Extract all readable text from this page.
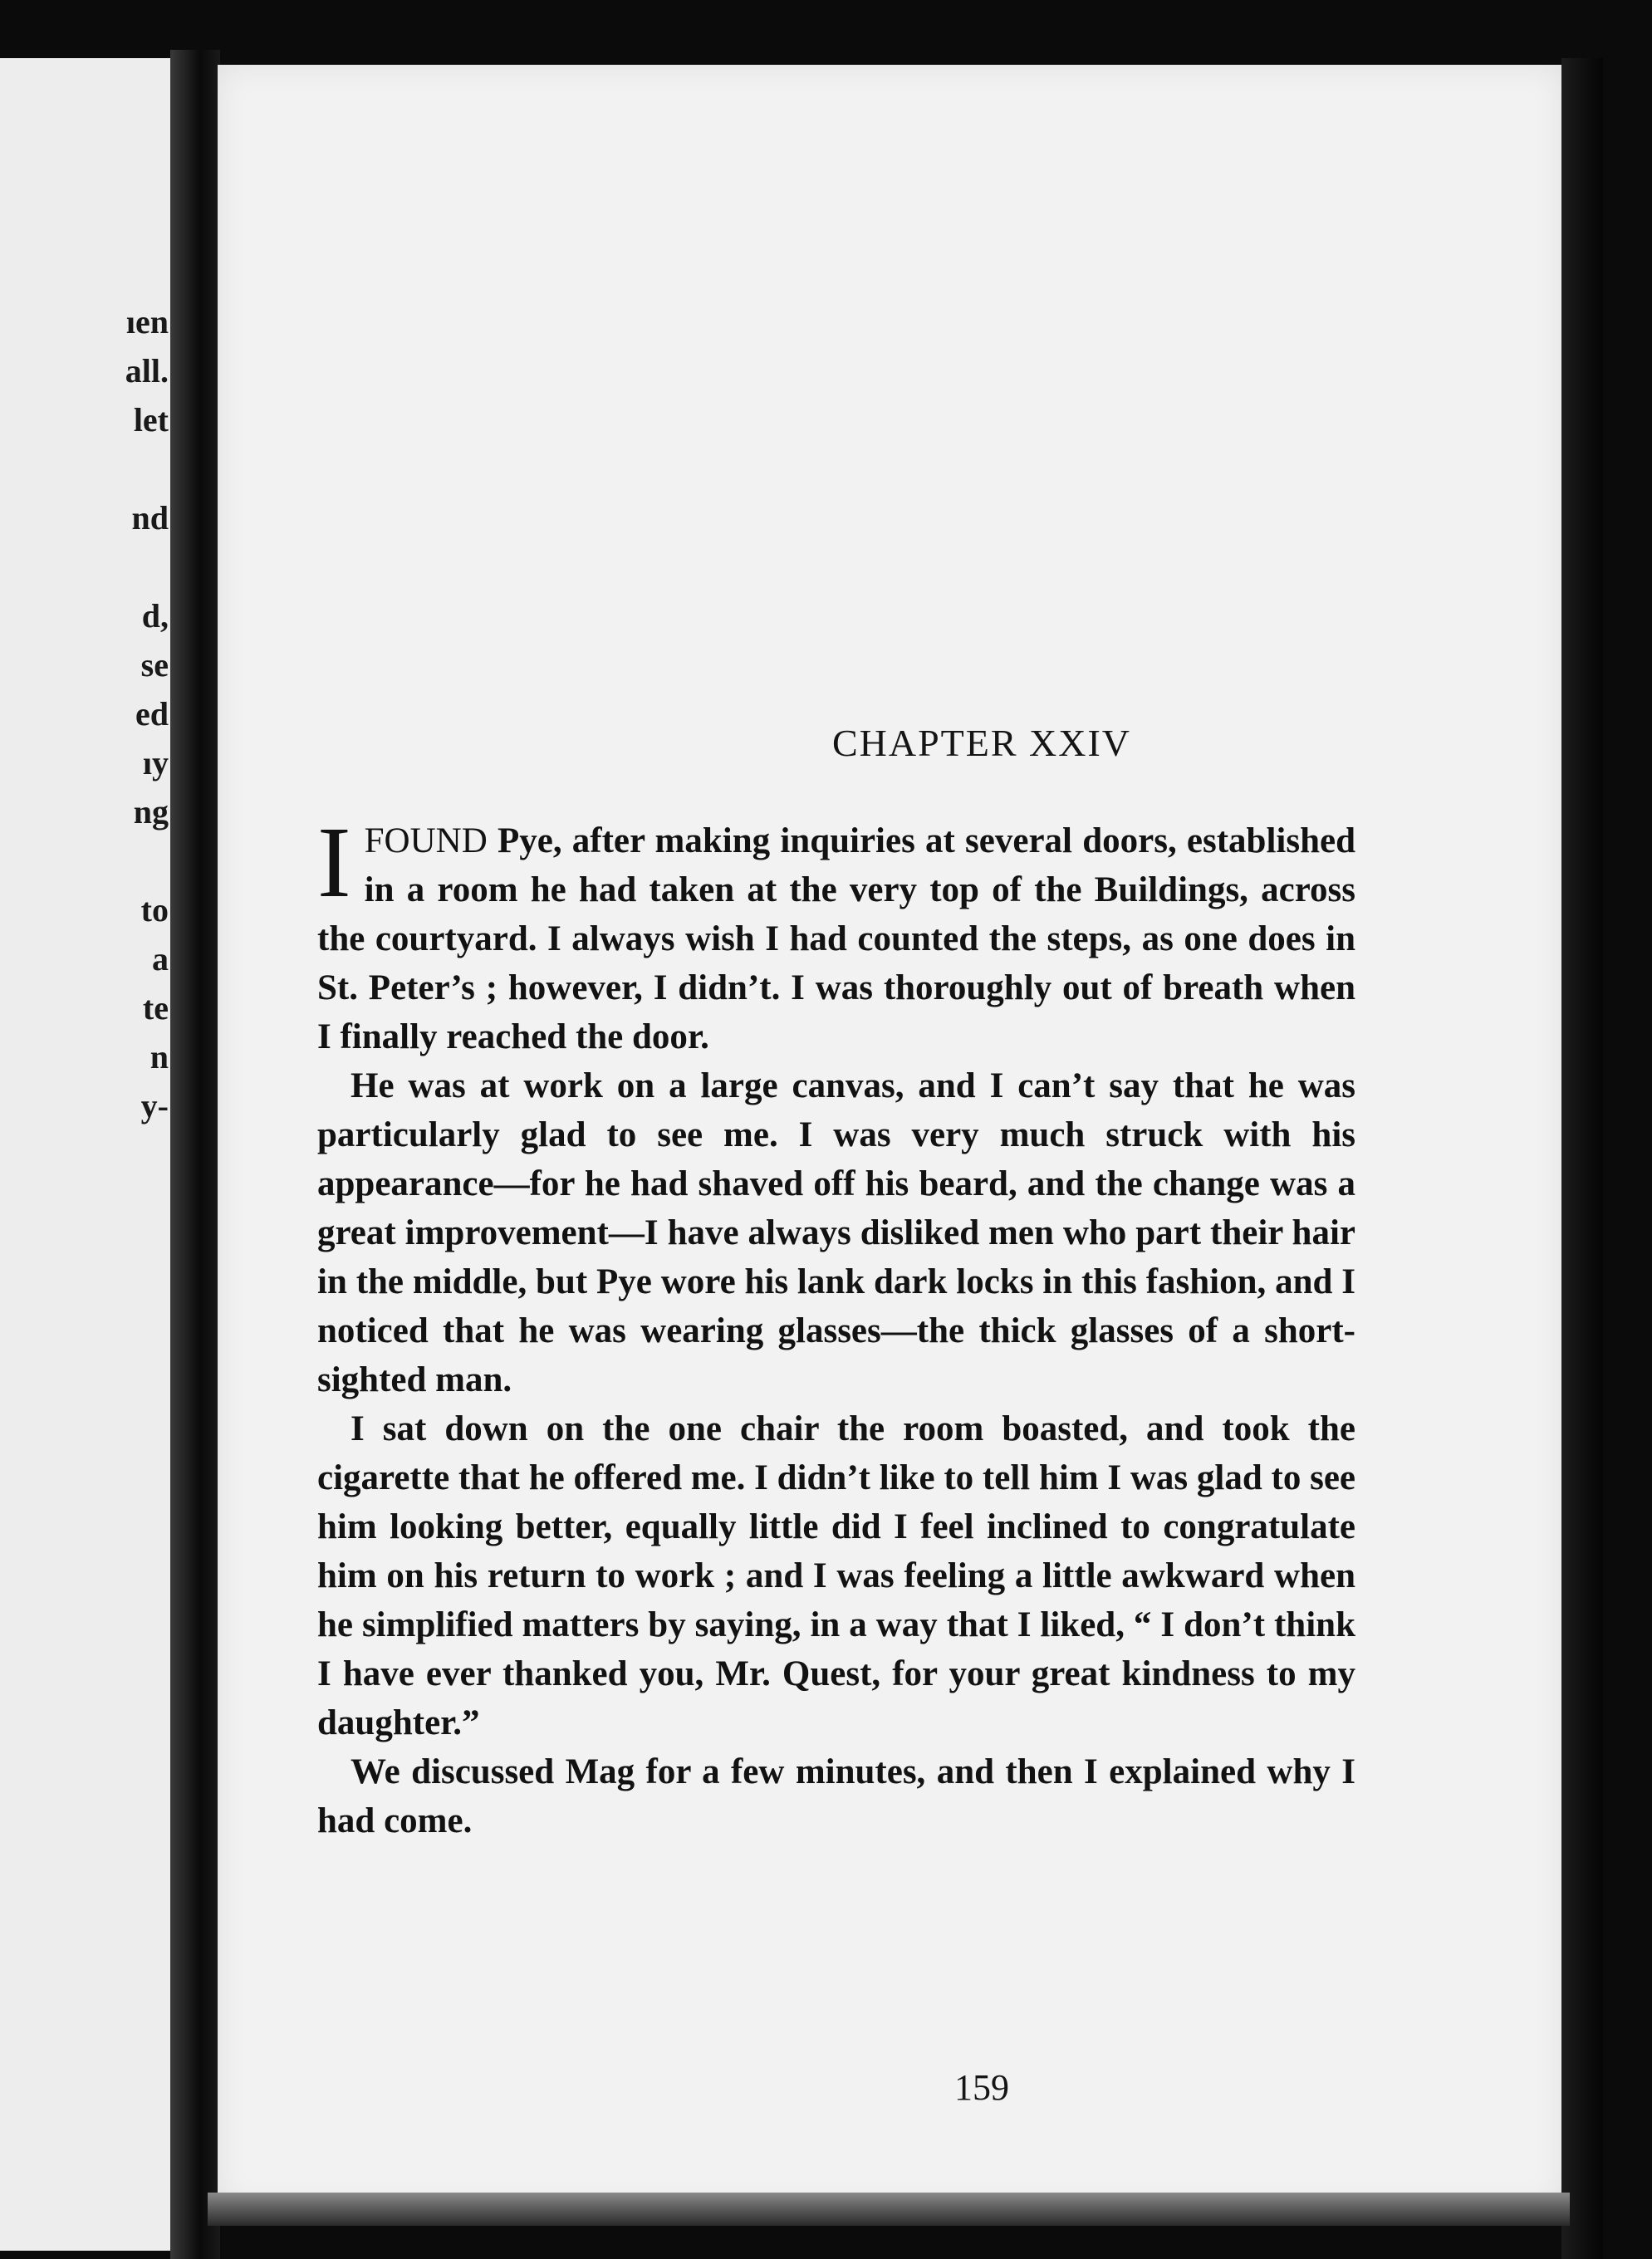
ıen
all.
let
nd
d,
se
ed
ıy
ng
to
a
te
n
y-
CHAPTER XXIV

IFOUND Pye, after making inquiries at several doors, established in a room he had taken at the very top of the Buildings, across the courtyard. I always wish I had counted the steps, as one does in St. Peter’s ; however, I didn’t. I was thoroughly out of breath when I finally reached the door.

He was at work on a large canvas, and I can’t say that he was particularly glad to see me. I was very much struck with his appearance—for he had shaved off his beard, and the change was a great improvement—I have always disliked men who part their hair in the middle, but Pye wore his lank dark locks in this fashion, and I noticed that he was wearing glasses—the thick glasses of a short-sighted man.

I sat down on the one chair the room boasted, and took the cigarette that he offered me. I didn’t like to tell him I was glad to see him looking better, equally little did I feel inclined to congratulate him on his return to work ; and I was feeling a little awkward when he simplified matters by saying, in a way that I liked, “ I don’t think I have ever thanked you, Mr. Quest, for your great kindness to my daughter.”

We discussed Mag for a few minutes, and then I explained why I had come.

159
